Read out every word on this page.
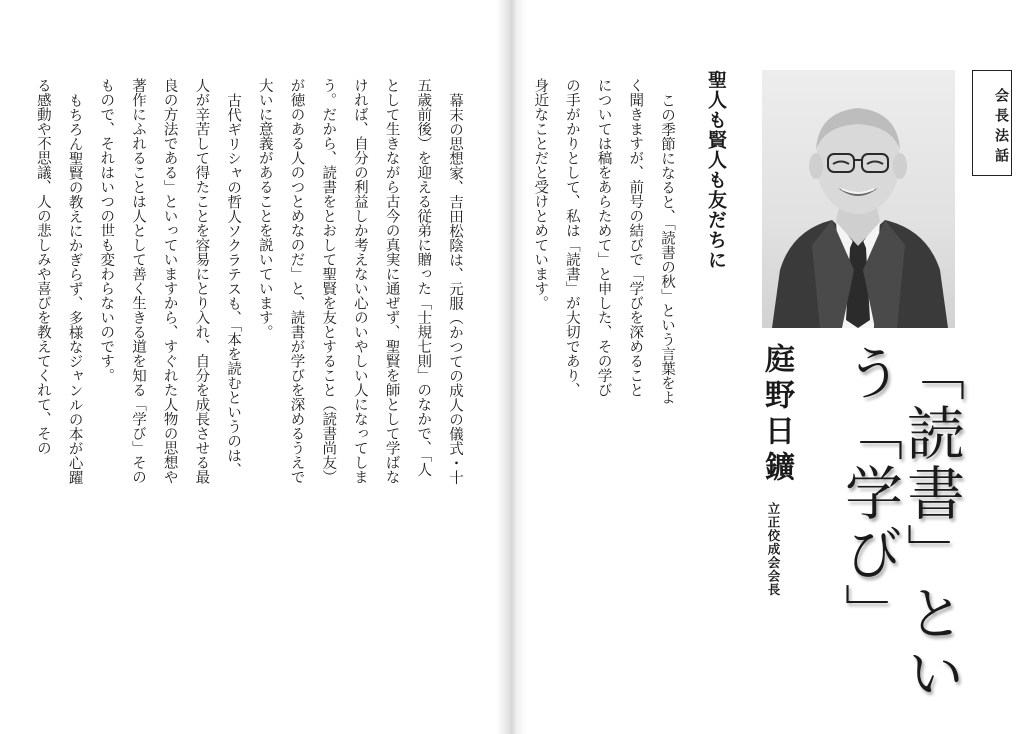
幕末の思想家、吉田松陰は、元服（かつての成人の儀式・十五歳前後）を迎える従弟に贈った「士規七則」のなかで、「人として生きながら古今の真実に通ぜず、聖賢を師として学ばなければ、自分の利益しか考えない心のいやしい人になってしまう。だから、読書をとおして聖賢を友とすること（読書尚友）が徳のある人のつとめなのだ」と、読書が学びを深めるうえで大いに意義があることを説いています。

古代ギリシャの哲人ソクラテスも、「本を読むというのは、人が辛苦して得たことを容易にとり入れ、自分を成長させる最良の方法である」といっていますから、すぐれた人物の思想や著作にふれることは人として善く生きる道を知る「学び」そのもので、それはいつの世も変わらないのです。

もちろん聖賢の教えにかぎらず、多様なジャンルの本が心躍る感動や不思議、人の悲しみや喜びを教えてくれて、その	会長法話
聖人も賢人も友だちに

この季節になると、「読書の秋」という言葉をよく聞きますが、前号の結びで「学びを深めることについては稿をあらためて」と申した、その学びの手がかりとして、私は「読書」が大切であり、身近なことだと受けとめています。

「読書」という「学び」
庭野日鑛
立正佼成会会長
